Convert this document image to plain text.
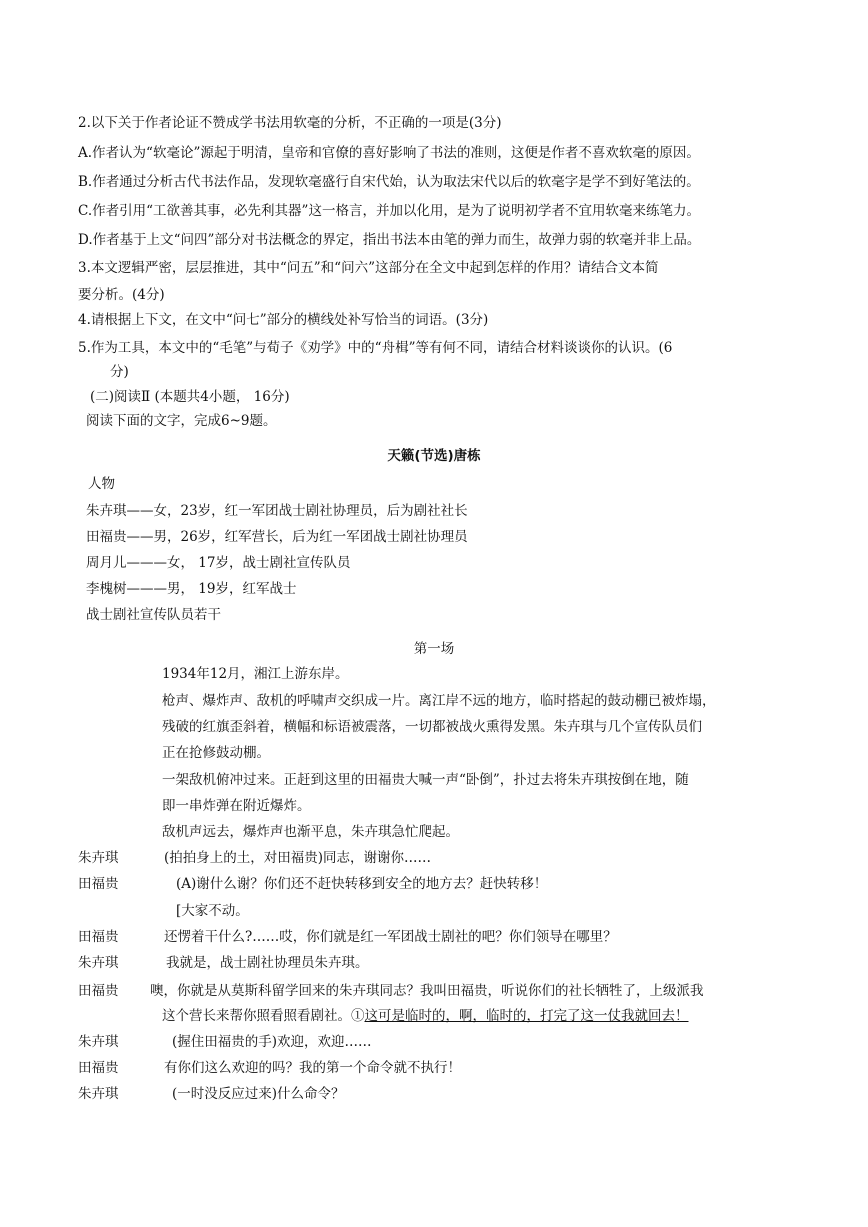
2.以下关于作者论证不赞成学书法用软毫的分析，不正确的一项是(3分)
A.作者认为“软毫论”源起于明清，皇帝和官僚的喜好影响了书法的准则，这便是作者不喜欢软毫的原因。
B.作者通过分析古代书法作品，发现软毫盛行自宋代始，认为取法宋代以后的软毫字是学不到好笔法的。
C.作者引用“工欲善其事，必先利其器”这一格言，并加以化用，是为了说明初学者不宜用软毫来练笔力。
D.作者基于上文“问四”部分对书法概念的界定，指出书法本由笔的弹力而生，故弹力弱的软毫并非上品。
3.本文逻辑严密，层层推进，其中“问五”和“问六”这部分在全文中起到怎样的作用？请结合文本简
要分析。(4分)
4.请根据上下文，在文中“问七”部分的横线处补写恰当的词语。(3分)
5.作为工具，本文中的“毛笔”与荀子《劝学》中的“舟楫”等有何不同，请结合材料谈谈你的认识。(6
分)
(二)阅读Ⅱ (本题共4小题， 16分)
阅读下面的文字，完成6~9题。
天籁(节选)唐栋
人物
朱卉琪——女，23岁，红一军团战士剧社协理员，后为剧社社长
田福贵——男，26岁，红军营长，后为红一军团战士剧社协理员
周月儿———女， 17岁，战士剧社宣传队员
李槐树———男， 19岁，红军战士
战士剧社宣传队员若干
第一场
1934年12月，湘江上游东岸。
枪声、爆炸声、敌机的呼啸声交织成一片。离江岸不远的地方，临时搭起的鼓动棚已被炸塌，
残破的红旗歪斜着，横幅和标语被震落，一切都被战火熏得发黑。朱卉琪与几个宣传队员们
正在抢修鼓动棚。
一架敌机俯冲过来。正赶到这里的田福贵大喊一声“卧倒”，扑过去将朱卉琪按倒在地，随
即一串炸弹在附近爆炸。
敌机声远去，爆炸声也渐平息，朱卉琪急忙爬起。
朱卉琪	(拍拍身上的土，对田福贵)同志，谢谢你……
田福贵	(A)谢什么谢？你们还不赶快转移到安全的地方去？赶快转移！
[大家不动。
田福贵	还愣着干什么?……哎，你们就是红一军团战士剧社的吧？你们领导在哪里？
朱卉琪	我就是，战士剧社协理员朱卉琪。
田福贵 噢，你就是从莫斯科留学回来的朱卉琪同志？我叫田福贵，听说你们的社长牺牲了，上级派我
这个营长来帮你照看照看剧社。①这可是临时的，啊，临时的，打完了这一仗我就回去！
朱卉琪	(握住田福贵的手)欢迎，欢迎……
田福贵	有你们这么欢迎的吗？我的第一个命令就不执行！
朱卉琪	(一时没反应过来)什么命令？
